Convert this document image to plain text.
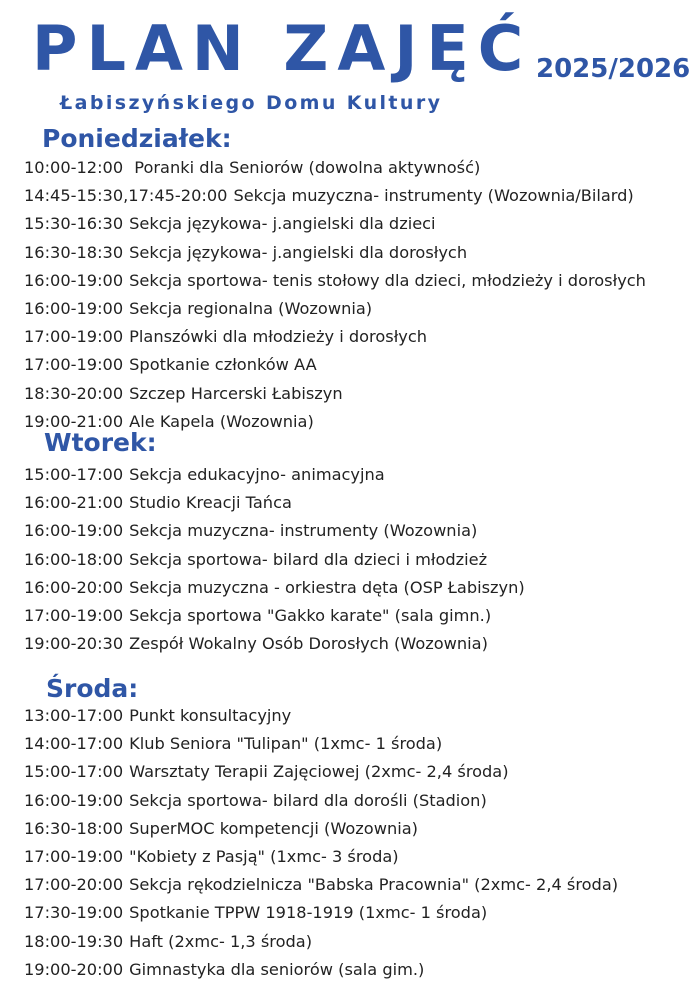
PLAN ZAJĘĆ 2025/2026
Łabiszyńskiego Domu Kultury
Poniedziałek:
10:00-12:00 Poranki dla Seniorów (dowolna aktywność)
14:45-15:30,17:45-20:00 Sekcja muzyczna- instrumenty (Wozownia/Bilard)
15:30-16:30 Sekcja językowa- j.angielski dla dzieci
16:30-18:30 Sekcja językowa- j.angielski dla dorosłych
16:00-19:00 Sekcja sportowa- tenis stołowy dla dzieci, młodzieży i dorosłych
16:00-19:00 Sekcja regionalna (Wozownia)
17:00-19:00 Planszówki dla młodzieży i dorosłych
17:00-19:00 Spotkanie członków AA
18:30-20:00 Szczep Harcerski Łabiszyn
19:00-21:00 Ale Kapela (Wozownia)
Wtorek:
15:00-17:00 Sekcja edukacyjno- animacyjna
16:00-21:00 Studio Kreacji Tańca
16:00-19:00 Sekcja muzyczna- instrumenty (Wozownia)
16:00-18:00 Sekcja sportowa- bilard dla dzieci i młodzież
16:00-20:00 Sekcja muzyczna - orkiestra dęta (OSP Łabiszyn)
17:00-19:00 Sekcja sportowa "Gakko karate" (sala gimn.)
19:00-20:30 Zespół Wokalny Osób Dorosłych (Wozownia)
Środa:
13:00-17:00 Punkt konsultacyjny
14:00-17:00 Klub Seniora "Tulipan" (1xmc- 1 środa)
15:00-17:00 Warsztaty Terapii Zajęciowej (2xmc- 2,4 środa)
16:00-19:00 Sekcja sportowa- bilard dla dorośli (Stadion)
16:30-18:00 SuperMOC kompetencji (Wozownia)
17:00-19:00 "Kobiety z Pasją" (1xmc- 3 środa)
17:00-20:00 Sekcja rękodzielnicza "Babska Pracownia" (2xmc- 2,4 środa)
17:30-19:00 Spotkanie TPPW 1918-1919 (1xmc- 1 środa)
18:00-19:30 Haft (2xmc- 1,3 środa)
19:00-20:00 Gimnastyka dla seniorów (sala gim.)
